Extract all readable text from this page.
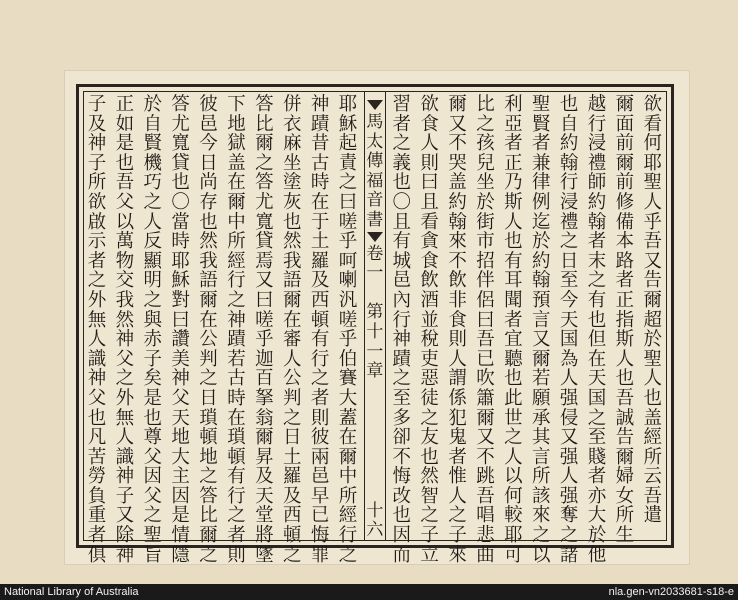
欲
看
何
耶
聖
人
乎
吾
又
告
爾
超
於
聖
人
也
盖
經
所
云
吾
遣
爾
面
前
爾
前
修
備
本
路
者
正
指
斯
人
也
吾
誠
告
爾
婦
女
所
生
越
行
浸
禮
師
約
翰
者
末
之
有
也
但
在
天
国
之
至
賤
者
亦
大
於
他
也
自
約
翰
行
浸
禮
之
日
至
今
天
国
為
人
强
侵
又
强
人
强
奪
之
諸
聖
賢
者
兼
律
例
迄
於
約
翰
預
言
又
爾
若
願
承
其
言
所
該
來
之
以
利
亞
者
正
乃
斯
人
也
有
耳
聞
者
宜
聽
也
此
世
之
人
以
何
較
耶
可
比
之
孩
兒
坐
於
街
市
招
伴
侶
曰
吾
已
吹
簫
爾
又
不
跳
吾
唱
悲
曲
爾
又
不
哭
盖
約
翰
來
不
飲
非
食
則
人
謂
係
犯
鬼
者
惟
人
之
子
來
欲
食
人
則
曰
且
看
貪
食
飲
酒
並
稅
吏
惡
徒
之
友
也
然
智
之
子
立
習
者
之
義
也
〇
且
有
城
邑
內
行
神
蹟
之
至
多
卻
不
悔
改
也
因
而
馬
太
傳
福
音
書
卷
一
第
十
一
章
十
六
耶
穌
起
責
之
曰
嗟
乎
呵
喇
汎
嗟
乎
伯
賽
大
蓋
在
爾
中
所
經
行
之
神
蹟
昔
古
時
在
于
土
羅
及
西
頓
有
行
之
者
則
彼
兩
邑
早
已
悔
罪
併
衣
麻
坐
塗
灰
也
然
我
語
爾
在
審
人
公
判
之
日
土
羅
及
西
頓
之
答
比
爾
之
答
尤
寬
貸
焉
又
曰
嗟
乎
迦
百
拏
翁
爾
昇
及
天
堂
將
墜
下
地
獄
盖
在
爾
中
所
經
行
之
神
蹟
若
古
時
在
瑣
頓
有
行
之
者
則
彼
邑
今
日
尚
存
也
然
我
語
爾
在
公
判
之
日
瑣
頓
地
之
答
比
爾
之
答
尤
寬
貸
也
〇
當
時
耶
穌
對
曰
讚
美
神
父
天
地
大
主
因
是
情
隱
於
自
賢
機
巧
之
人
反
顯
明
之
與
赤
子
矣
是
也
尊
父
因
父
之
聖
旨
正
如
是
也
吾
父
以
萬
物
交
我
然
神
父
之
外
無
人
識
神
子
又
除
神
子
及
神
子
所
欲
啟
示
者
之
外
無
人
識
神
父
也
凡
苦
勞
負
重
者
俱
National Library of Australia	nla.gen-vn2033681-s18-e
